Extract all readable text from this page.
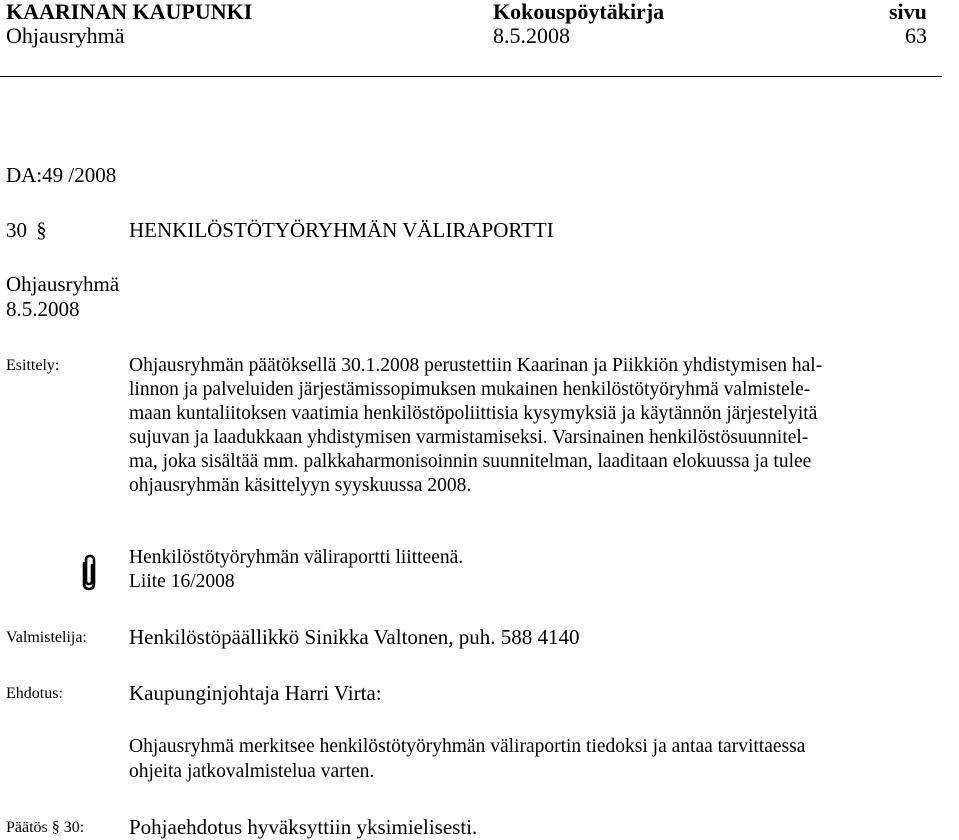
KAARINAN KAUPUNKI	Kokouspöytäkirja	sivu
Ohjausryhmä	8.5.2008	63
DA:49 /2008
30 §	HENKILÖSTÖTYÖRYHMÄN VÄLIRAPORTTI
Ohjausryhmä
8.5.2008
Esittely:	Ohjausryhmän päätöksellä 30.1.2008 perustettiin Kaarinan ja Piikkiön yhdistymisen hal-
linnon ja palveluiden järjestämissopimuksen mukainen henkilöstötyöryhmä valmistele-
maan kuntaliitoksen vaatimia henkilöstöpoliittisia kysymyksiä ja käytännön järjestelyitä
sujuvan ja laadukkaan yhdistymisen varmistamiseksi. Varsinainen henkilöstösuunnitel-
ma, joka sisältää mm. palkkaharmonisoinnin suunnitelman, laaditaan elokuussa ja tulee
ohjausryhmän käsittelyyn syyskuussa 2008.
Henkilöstötyöryhmän väliraportti liitteenä.
Liite 16/2008
Valmistelija: Henkilöstöpäällikkö Sinikka Valtonen, puh. 588 4140
Ehdotus:	Kaupunginjohtaja Harri Virta:
Ohjausryhmä merkitsee henkilöstötyöryhmän väliraportin tiedoksi ja antaa tarvittaessa
ohjeita jatkovalmistelua varten.
Päätös § 30: Pohjaehdotus hyväksyttiin yksimielisesti.
